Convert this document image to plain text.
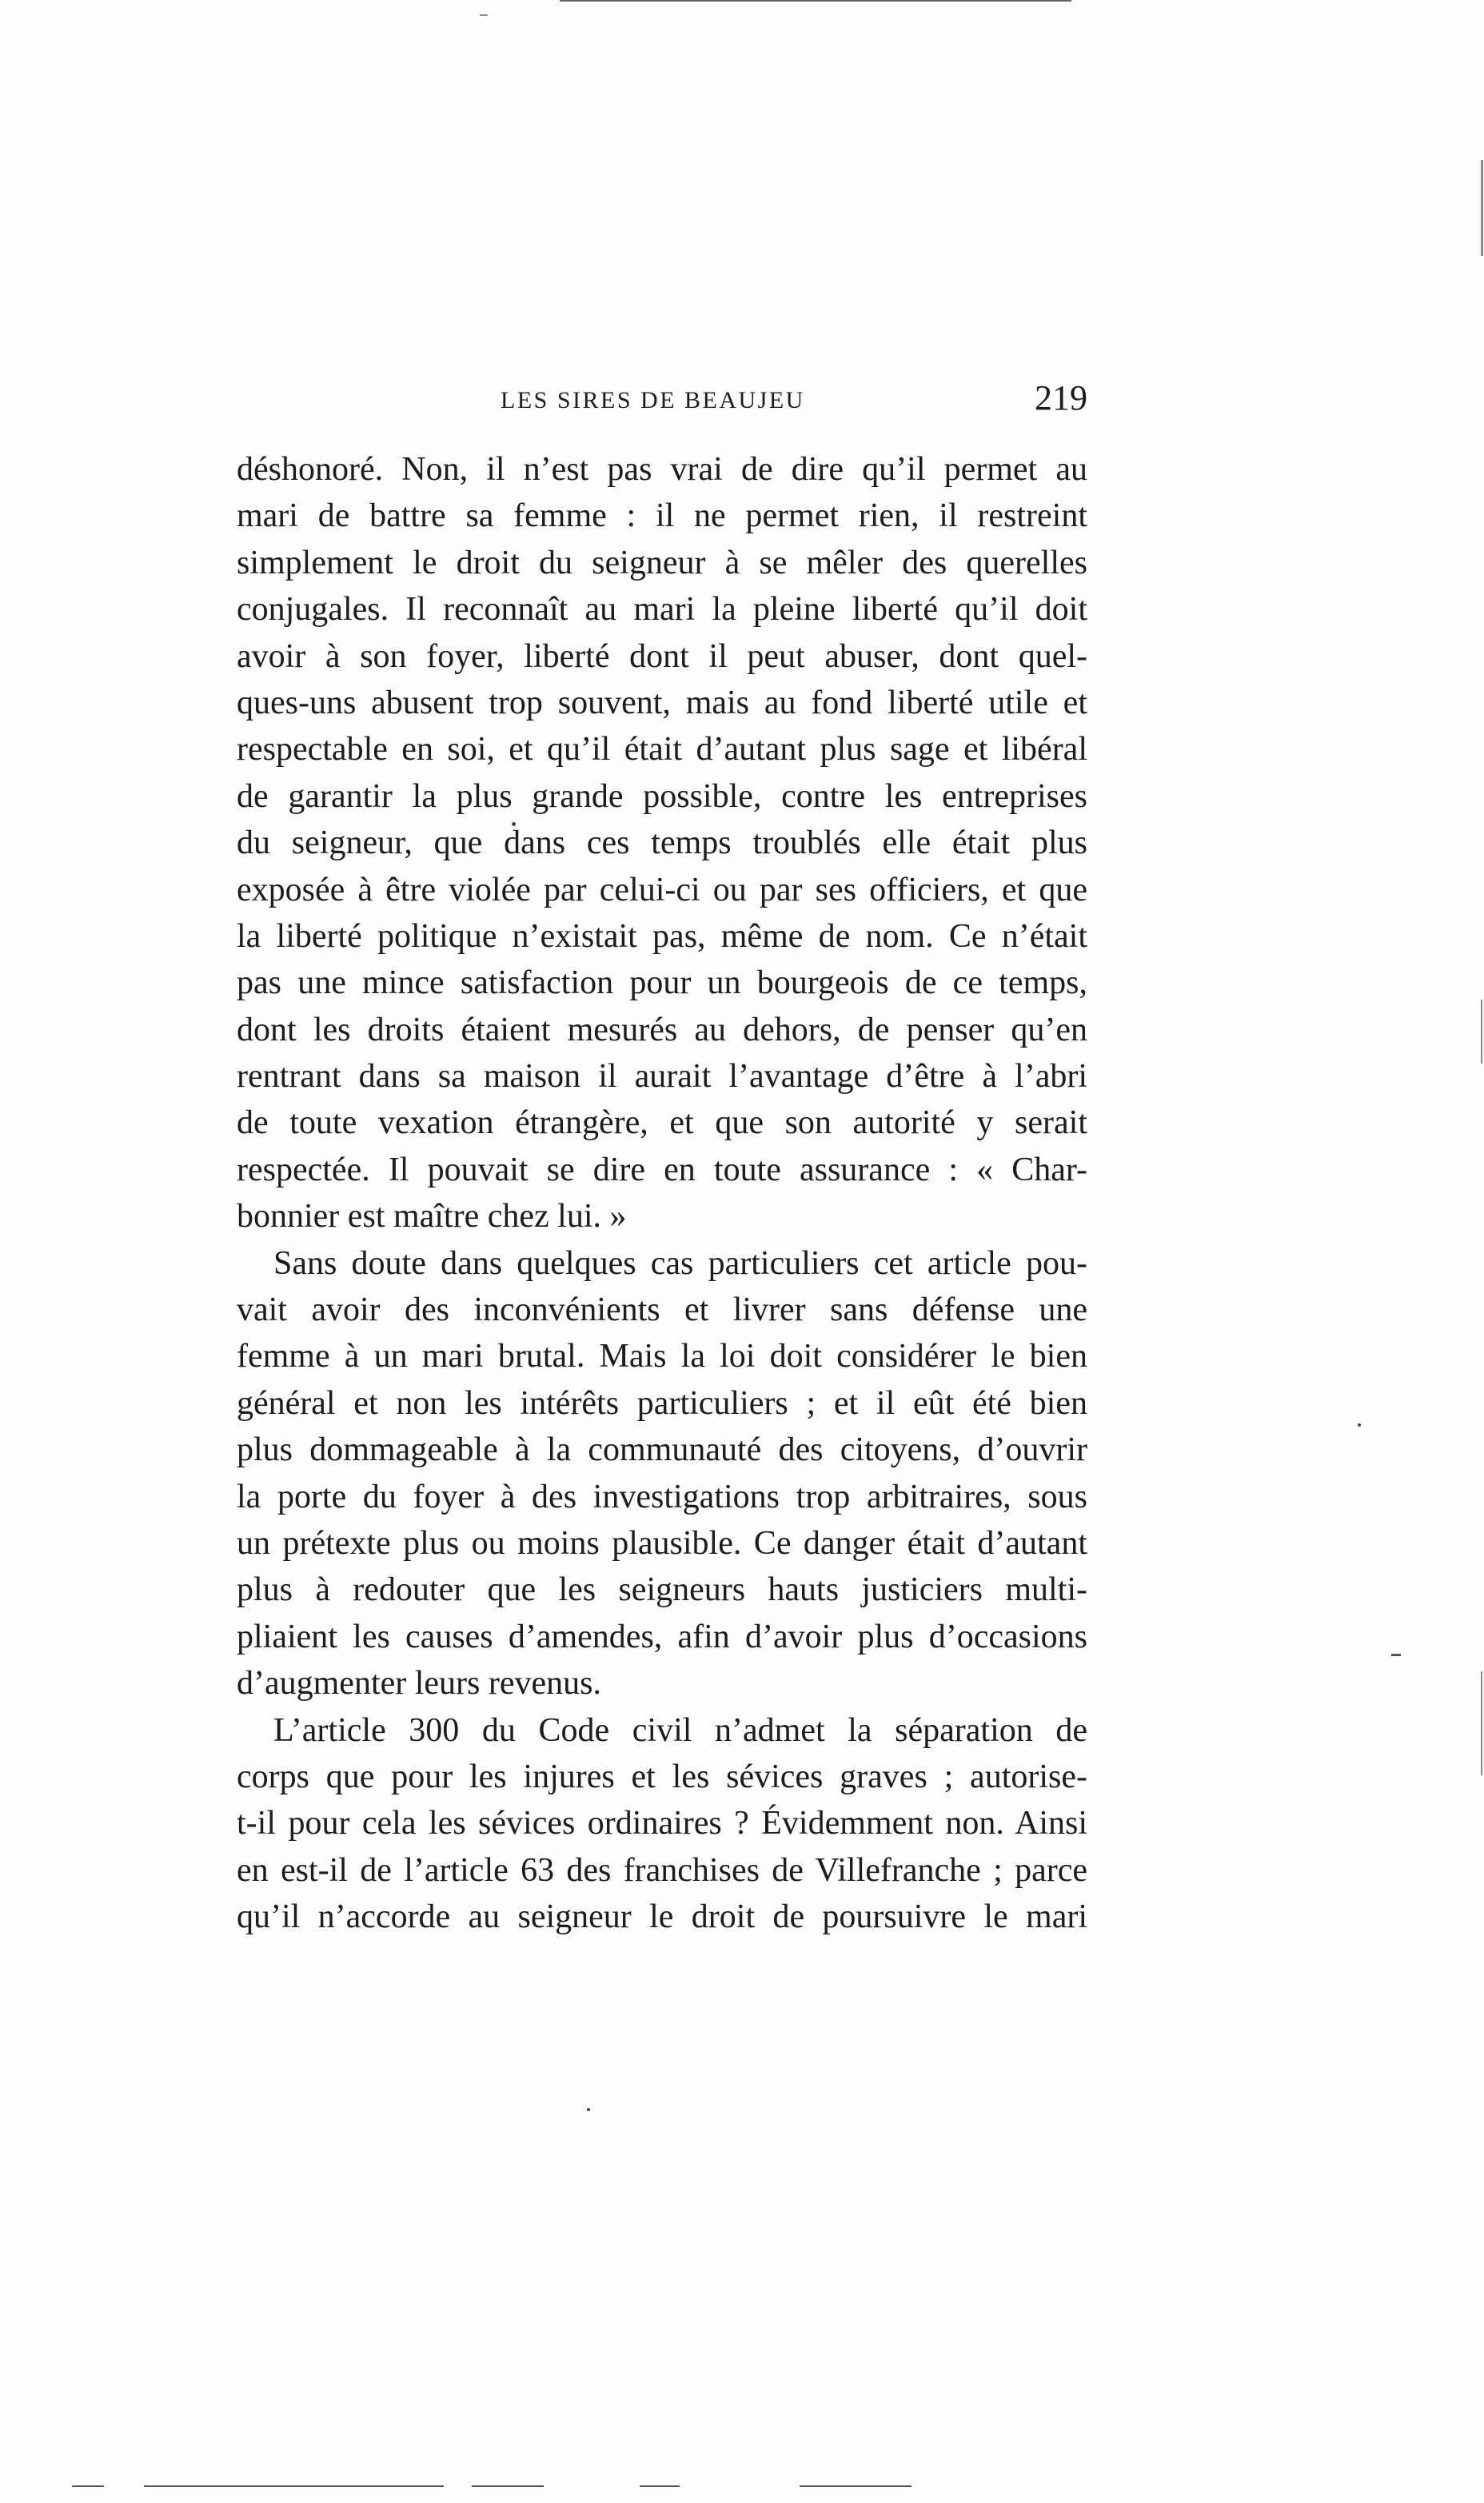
LES SIRES DE BEAUJEU	219
déshonoré. Non, il n’est pas vrai de dire qu’il permet au
mari de battre sa femme : il ne permet rien, il restreint
simplement le droit du seigneur à se mêler des querelles
conjugales. Il reconnaît au mari la pleine liberté qu’il doit
avoir à son foyer, liberté dont il peut abuser, dont quel-
ques-uns abusent trop souvent, mais au fond liberté utile et
respectable en soi, et qu’il était d’autant plus sage et libéral
de garantir la plus grande possible, contre les entreprises
du seigneur, que dans ces temps troublés elle était plus
exposée à être violée par celui-ci ou par ses officiers, et que
la liberté politique n’existait pas, même de nom. Ce n’était
pas une mince satisfaction pour un bourgeois de ce temps,
dont les droits étaient mesurés au dehors, de penser qu’en
rentrant dans sa maison il aurait l’avantage d’être à l’abri
de toute vexation étrangère, et que son autorité y serait
respectée. Il pouvait se dire en toute assurance : « Char-
bonnier est maître chez lui. »
Sans doute dans quelques cas particuliers cet article pou-
vait avoir des inconvénients et livrer sans défense une
femme à un mari brutal. Mais la loi doit considérer le bien
général et non les intérêts particuliers ; et il eût été bien
plus dommageable à la communauté des citoyens, d’ouvrir
la porte du foyer à des investigations trop arbitraires, sous
un prétexte plus ou moins plausible. Ce danger était d’autant
plus à redouter que les seigneurs hauts justiciers multi-
pliaient les causes d’amendes, afin d’avoir plus d’occasions
d’augmenter leurs revenus.
L’article 300 du Code civil n’admet la séparation de
corps que pour les injures et les sévices graves ; autorise-
t-il pour cela les sévices ordinaires ? Évidemment non. Ainsi
en est-il de l’article 63 des franchises de Villefranche ; parce
qu’il n’accorde au seigneur le droit de poursuivre le mari
